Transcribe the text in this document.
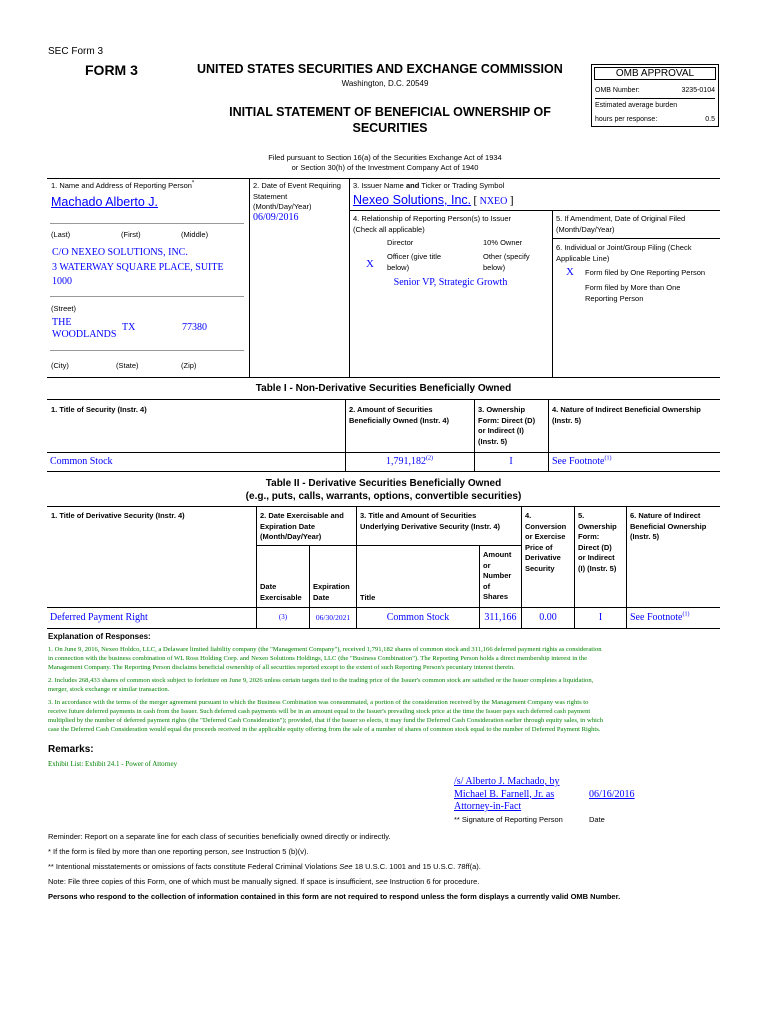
SEC Form 3
FORM 3	UNITED STATES SECURITIES AND EXCHANGE COMMISSION
Washington, D.C. 20549
INITIAL STATEMENT OF BENEFICIAL OWNERSHIP OF
SECURITIES
OMB APPROVAL
OMB Number:	3235-0104
Estimated average burden
hours per response:	0.5
Filed pursuant to Section 16(a) of the Securities Exchange Act of 1934
or Section 30(h) of the Investment Company Act of 1940
1. Name and Address of Reporting Person*
Machado Alberto J.
(Last)	(First)	(Middle)
C/O NEXEO SOLUTIONS, INC.
3 WATERWAY SQUARE PLACE, SUITE
1000
(Street)
THE
WOODLANDS
TX	77380
(City)	(State)	(Zip)
2. Date of Event Requiring
Statement
(Month/Day/Year)
06/09/2016
3. Issuer Name and Ticker or Trading Symbol
Nexeo Solutions, Inc. [ NXEO ]
4. Relationship of Reporting Person(s) to Issuer
(Check all applicable)
Director	10% Owner
X
Officer (give title
below)
Other (specify
below)
Senior VP, Strategic Growth
5. If Amendment, Date of Original Filed
(Month/Day/Year)
6. Individual or Joint/Group Filing (Check
Applicable Line)
X Form filed by One Reporting Person
Form filed by More than One
Reporting Person
Table I - Non-Derivative Securities Beneficially Owned
1. Title of Security (Instr. 4)	2. Amount of Securities
Beneficially Owned (Instr. 4)
3. Ownership
Form: Direct (D)
or Indirect (I)
(Instr. 5)
4. Nature of Indirect Beneficial Ownership
(Instr. 5)
Common Stock	1,791,182$^{(2)}$	I	See Footnote$^{(1)}$
Table II - Derivative Securities Beneficially Owned
(e.g., puts, calls, warrants, options, convertible securities)
1. Title of Derivative Security (Instr. 4)	2. Date Exercisable and
Expiration Date
(Month/Day/Year)
3. Title and Amount of Securities
Underlying Derivative Security (Instr. 4)
4.
Conversion
or Exercise
Price of
Derivative
Security
5.
Ownership
Form:
Direct (D)
or Indirect
(I) (Instr. 5)
6. Nature of Indirect
Beneficial Ownership
(Instr. 5)
Date
Exercisable
Expiration
Date	Title
Amount
or
Number
of
Shares
Deferred Payment Right	(3)	06/30/2021	Common Stock	311,166	0.00	I	See Footnote$^{(1)}$
Explanation of Responses:
1. On June 9, 2016, Nexeo Holdco, LLC, a Delaware limited liability company (the "Management Company"), received 1,791,182 shares of common stock and 311,166 deferred payment rights as consideration
in connection with the business combination of WL Ross Holding Corp. and Nexeo Solutions Holdings, LLC (the "Business Combination"). The Reporting Person holds a direct membership interest in the
Management Company. The Reporting Person disclaims beneficial ownership of all securities reported except to the extent of such Reporting Person's pecuniary interest therein.
2. Includes 268,433 shares of common stock subject to forfeiture on June 9, 2026 unless certain targets tied to the trading price of the Issuer's common stock are satisfied or the Issuer completes a liquidation,
merger, stock exchange or similar transaction.
3. In accordance with the terms of the merger agreement pursuant to which the Business Combination was consummated, a portion of the consideration received by the Management Company was rights to
receive future deferred payments in cash from the Issuer. Such deferred cash payments will be in an amount equal to the Issuer's prevailing stock price at the time the Issuer pays such deferred cash payment
multiplied by the number of deferred payment rights (the "Deferred Cash Consideration"); provided, that if the Issuer so elects, it may fund the Deferred Cash Consideration earlier through equity sales, in which
case the Deferred Cash Consideration would equal the proceeds received in the applicable equity offering from the sale of a number of shares of common stock equal to the number of Deferred Payment Rights.
Remarks:
Exhibit List: Exhibit 24.1 - Power of Attorney
/s/ Alberto J. Machado, by
Michael B. Farnell, Jr. as
Attorney-in-Fact
06/16/2016
** Signature of Reporting Person	Date
Reminder: Report on a separate line for each class of securities beneficially owned directly or indirectly.
* If the form is filed by more than one reporting person, see Instruction 5 (b)(v).
** Intentional misstatements or omissions of facts constitute Federal Criminal Violations See 18 U.S.C. 1001 and 15 U.S.C. 78ff(a).
Note: File three copies of this Form, one of which must be manually signed. If space is insufficient, see Instruction 6 for procedure.
Persons who respond to the collection of information contained in this form are not required to respond unless the form displays a currently valid OMB Number.
